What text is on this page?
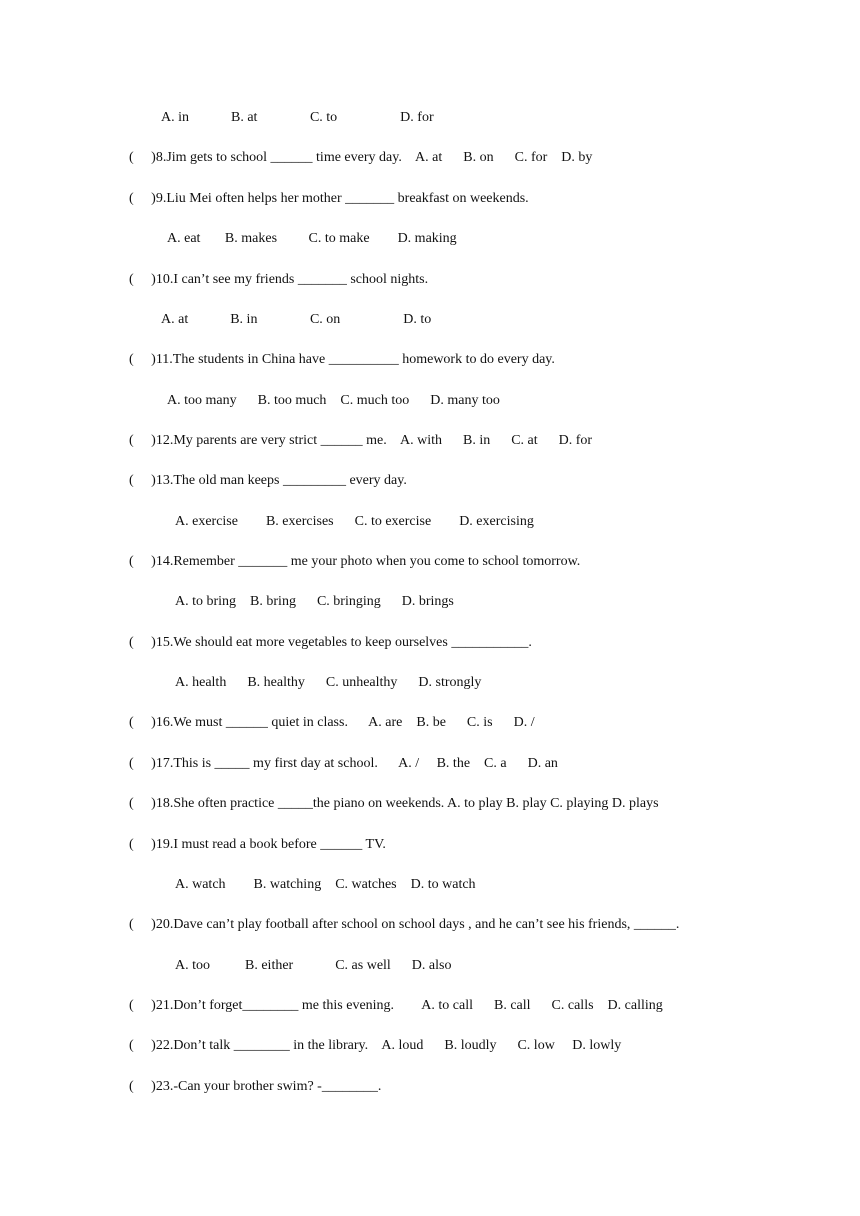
A. in            B. at               C. to                  D. for
(     )8.Jim gets to school ______ time every day.    A. at      B. on      C. for    D. by
(     )9.Liu Mei often helps her mother _______ breakfast on weekends.
A. eat       B. makes         C. to make        D. making
(     )10.I can’t see my friends _______ school nights.
A. at            B. in               C. on                  D. to
(     )11.The students in China have __________ homework to do every day.
A. too many      B. too much    C. much too      D. many too
(     )12.My parents are very strict ______ me.    A. with      B. in      C. at      D. for
(     )13.The old man keeps _________ every day.
A. exercise        B. exercises      C. to exercise        D. exercising
(     )14.Remember _______ me your photo when you come to school tomorrow.
A. to bring    B. bring      C. bringing      D. brings
(     )15.We should eat more vegetables to keep ourselves ___________.
A. health      B. healthy      C. unhealthy      D. strongly
(     )16.We must ______ quiet in class.      A. are    B. be      C. is      D. /
(     )17.This is _____ my first day at school.      A. /     B. the    C. a      D. an
(     )18.She often practice _____the piano on weekends. A. to play B. play C. playing D. plays
(     )19.I must read a book before ______ TV.
A. watch        B. watching    C. watches    D. to watch
(     )20.Dave can’t play football after school on school days , and he can’t see his friends, ______.
A. too          B. either            C. as well      D. also
(     )21.Don’t forget________ me this evening.        A. to call      B. call      C. calls    D. calling
(     )22.Don’t talk ________ in the library.    A. loud      B. loudly      C. low     D. lowly
(     )23.-Can your brother swim? -________.
